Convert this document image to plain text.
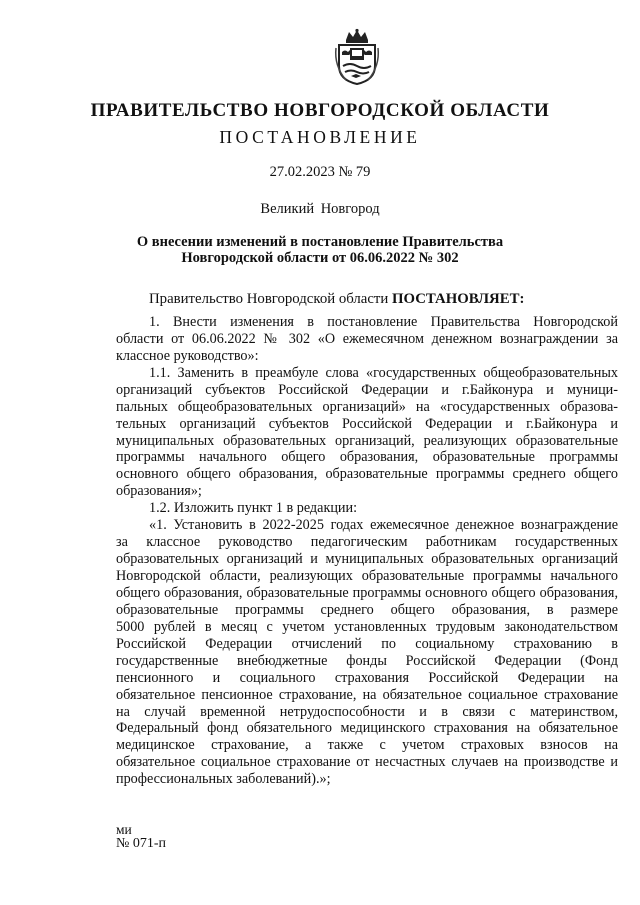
ПРАВИТЕЛЬСТВО НОВГОРОДСКОЙ ОБЛАСТИ
ПОСТАНОВЛЕНИЕ
27.02.2023 № 79
Великий Новгород
О внесении изменений в постановление Правительства
Новгородской области от 06.06.2022 № 302
Правительство Новгородской области ПОСТАНОВЛЯЕТ:
1. Внести изменения в постановление Правительства Новгородской
области от 06.06.2022 № 302 «О ежемесячном денежном вознаграждении за
классное руководство»:
1.1. Заменить в преамбуле слова «государственных общеобразовательных
организаций субъектов Российской Федерации и г.Байконура и муници-
пальных общеобразовательных организаций» на «государственных образова-
тельных организаций субъектов Российской Федерации и г.Байконура и
муниципальных образовательных организаций, реализующих образовательные
программы начального общего образования, образовательные программы
основного общего образования, образовательные программы среднего общего
образования»;
1.2. Изложить пункт 1 в редакции:
«1. Установить в 2022-2025 годах ежемесячное денежное вознаграждение
за классное руководство педагогическим работникам государственных
образовательных организаций и муниципальных образовательных организаций
Новгородской области, реализующих образовательные программы начального
общего образования, образовательные программы основного общего образования,
образовательные программы среднего общего образования, в размере
5000 рублей в месяц с учетом установленных трудовым законодательством
Российской Федерации отчислений по социальному страхованию в
государственные внебюджетные фонды Российской Федерации (Фонд
пенсионного и социального страхования Российской Федерации на
обязательное пенсионное страхование, на обязательное социальное страхование
на случай временной нетрудоспособности и в связи с материнством,
Федеральный фонд обязательного медицинского страхования на обязательное
медицинское страхование, а также с учетом страховых взносов на
обязательное социальное страхование от несчастных случаев на производстве и
профессиональных заболеваний).»;
ми
№ 071-п
